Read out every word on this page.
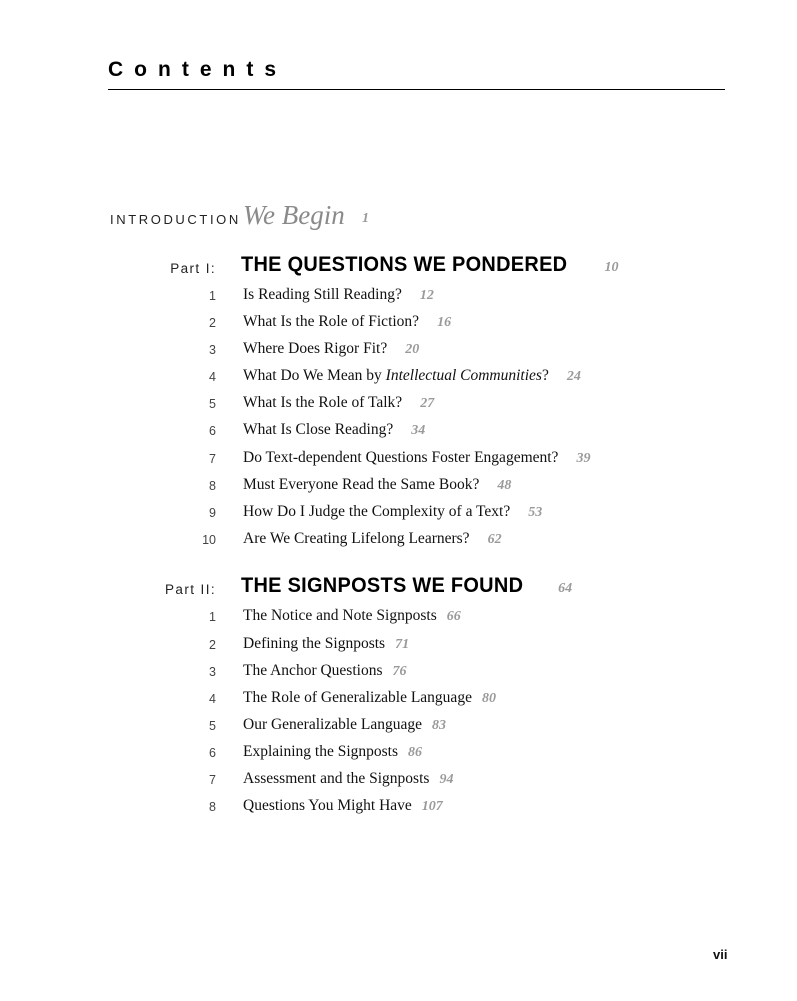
Contents
INTRODUCTION We Begin 1
Part I: THE QUESTIONS WE PONDERED	10
1 Is Reading Still Reading? 12
2 What Is the Role of Fiction? 16
3 Where Does Rigor Fit? 20
4 What Do We Mean by Intellectual Communities? 24
5 What Is the Role of Talk? 27
6 What Is Close Reading? 34
7 Do Text-dependent Questions Foster Engagement? 39
8 Must Everyone Read the Same Book? 48
9 How Do I Judge the Complexity of a Text? 53
10 Are We Creating Lifelong Learners? 62
Part II: THE SIGNPOSTS WE FOUND 64
1 The Notice and Note Signposts 66
2 Defining the Signposts 71
3 The Anchor Questions 76
4 The Role of Generalizable Language 80
5 Our Generalizable Language 83
6 Explaining the Signposts 86
7 Assessment and the Signposts 94
8 Questions You Might Have 107
vii
